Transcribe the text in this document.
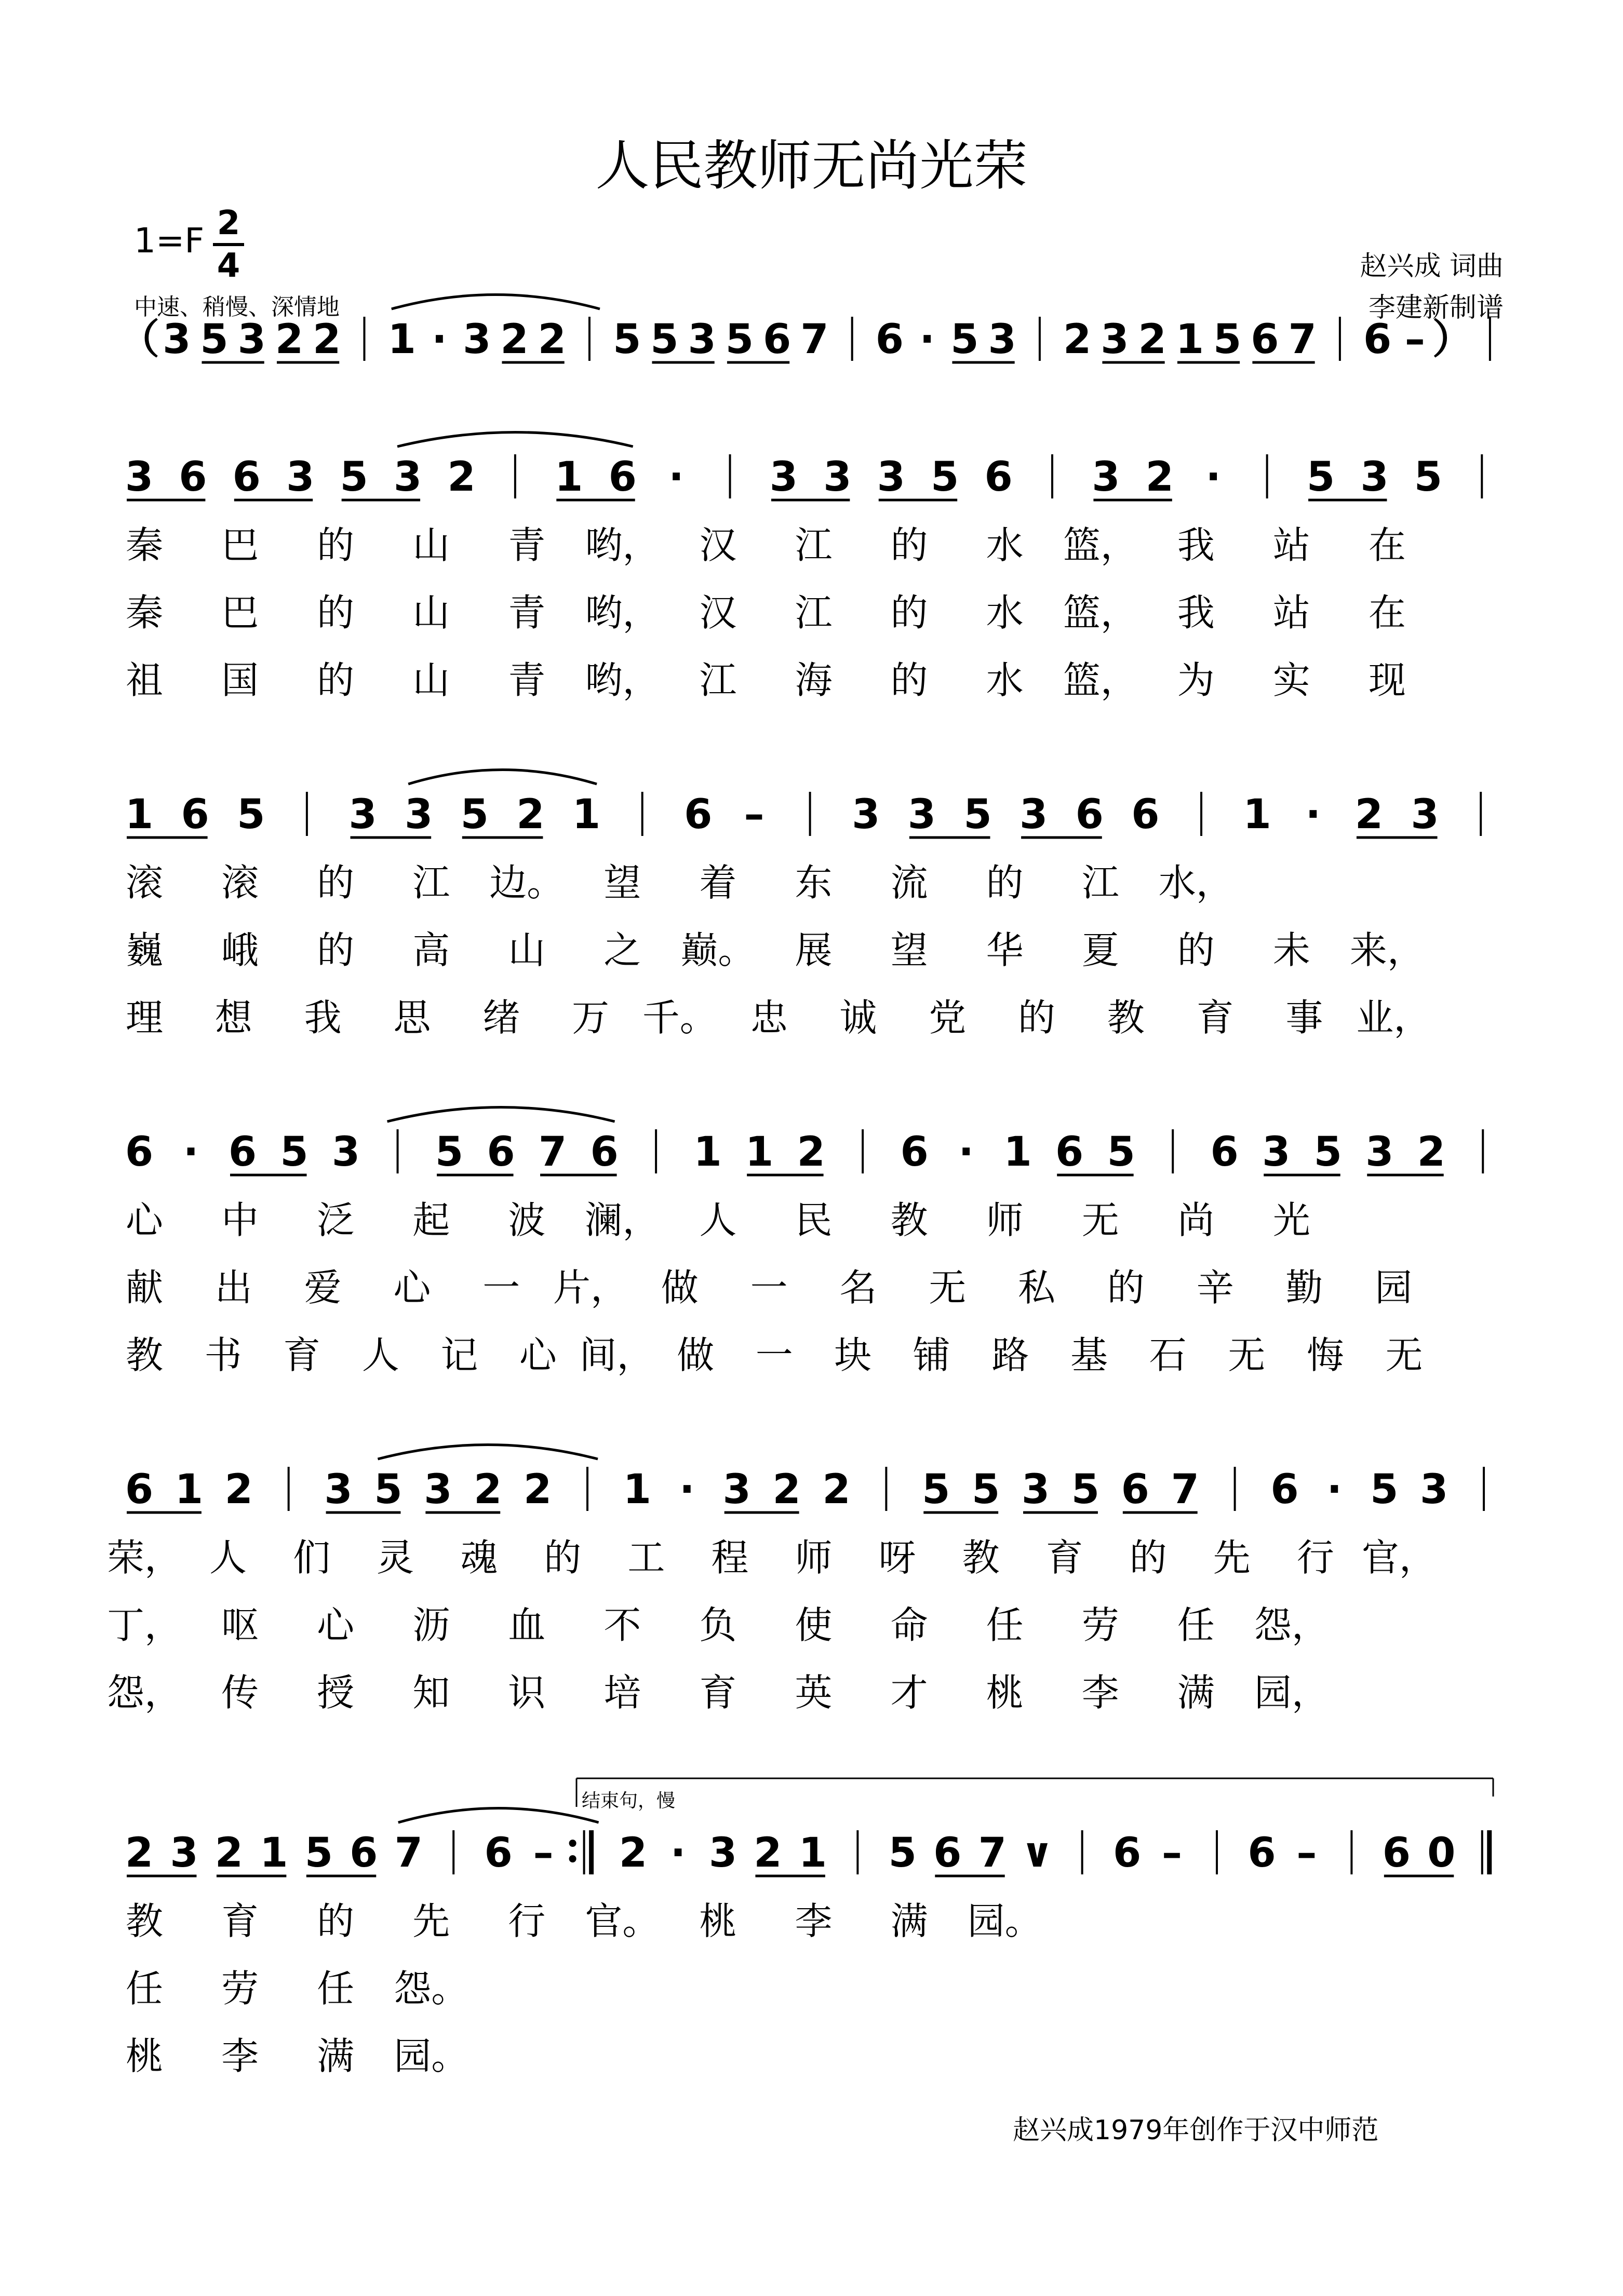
人民教师无尚光荣
1=F 2
4	赵兴成 词曲
李建新制谱
中速、稍慢、深情地
结束句，慢
赵兴成1979年创作于汉中师范
（ 3 5 3 2 2 1 · 3 2 2 5 5 3 5 6 7 6 · 5 3 2 3 2 1 5 6 7 6 – ）
3 6 6 3 5 3 2 1 6 · 3 3 3 5 6 3 2 · 5 3 5
秦 巴 的 山 青 哟， 汉 江 的 水 篮， 我 站 在
秦 巴 的 山 青 哟， 汉 江 的 水 篮， 我 站 在
祖 国 的 山 青 哟， 江 海 的 水 篮， 为 实 现
1 6 5 3 3 5 2 1 6 – 3 3 5 3 6 6 1 · 2 3
滚 滚 的 江 边。 望 着 东 流 的 江 水，
巍 峨 的 高 山 之 巅。 展 望 华 夏 的 未 来，
理 想 我 思 绪 万 千。 忠 诚 党 的 教 育 事 业，
6 · 6 5 3 5 6 7 6 1 1 2 6 · 1 6 5 6 3 5 3 2
心 中 泛 起 波 澜， 人 民 教 师 无 尚 光
献 出 爱 心 一 片， 做 一 名 无 私 的 辛 勤 园
教 书 育 人 记 心 间， 做 一 块 铺 路 基 石 无 悔 无
6 1 2 3 5 3 2 2 1 · 3 2 2 5 5 3 5 6 7 6 · 5 3
荣， 人 们 灵 魂 的 工 程 师 呀 教 育 的 先 行 官，
丁， 呕 心 沥 血 不 负 使 命 任 劳 任 怨，
怨， 传 授 知 识 培 育 英 才 桃 李 满 园，
2 3 2 1 5 6 7 6 – 2 · 3 2 1 5 6 7 ∨ 6 – 6 – 6 0
教 育 的 先 行 官。 桃 李 满 园。
任 劳 任 怨。
桃 李 满 园。
